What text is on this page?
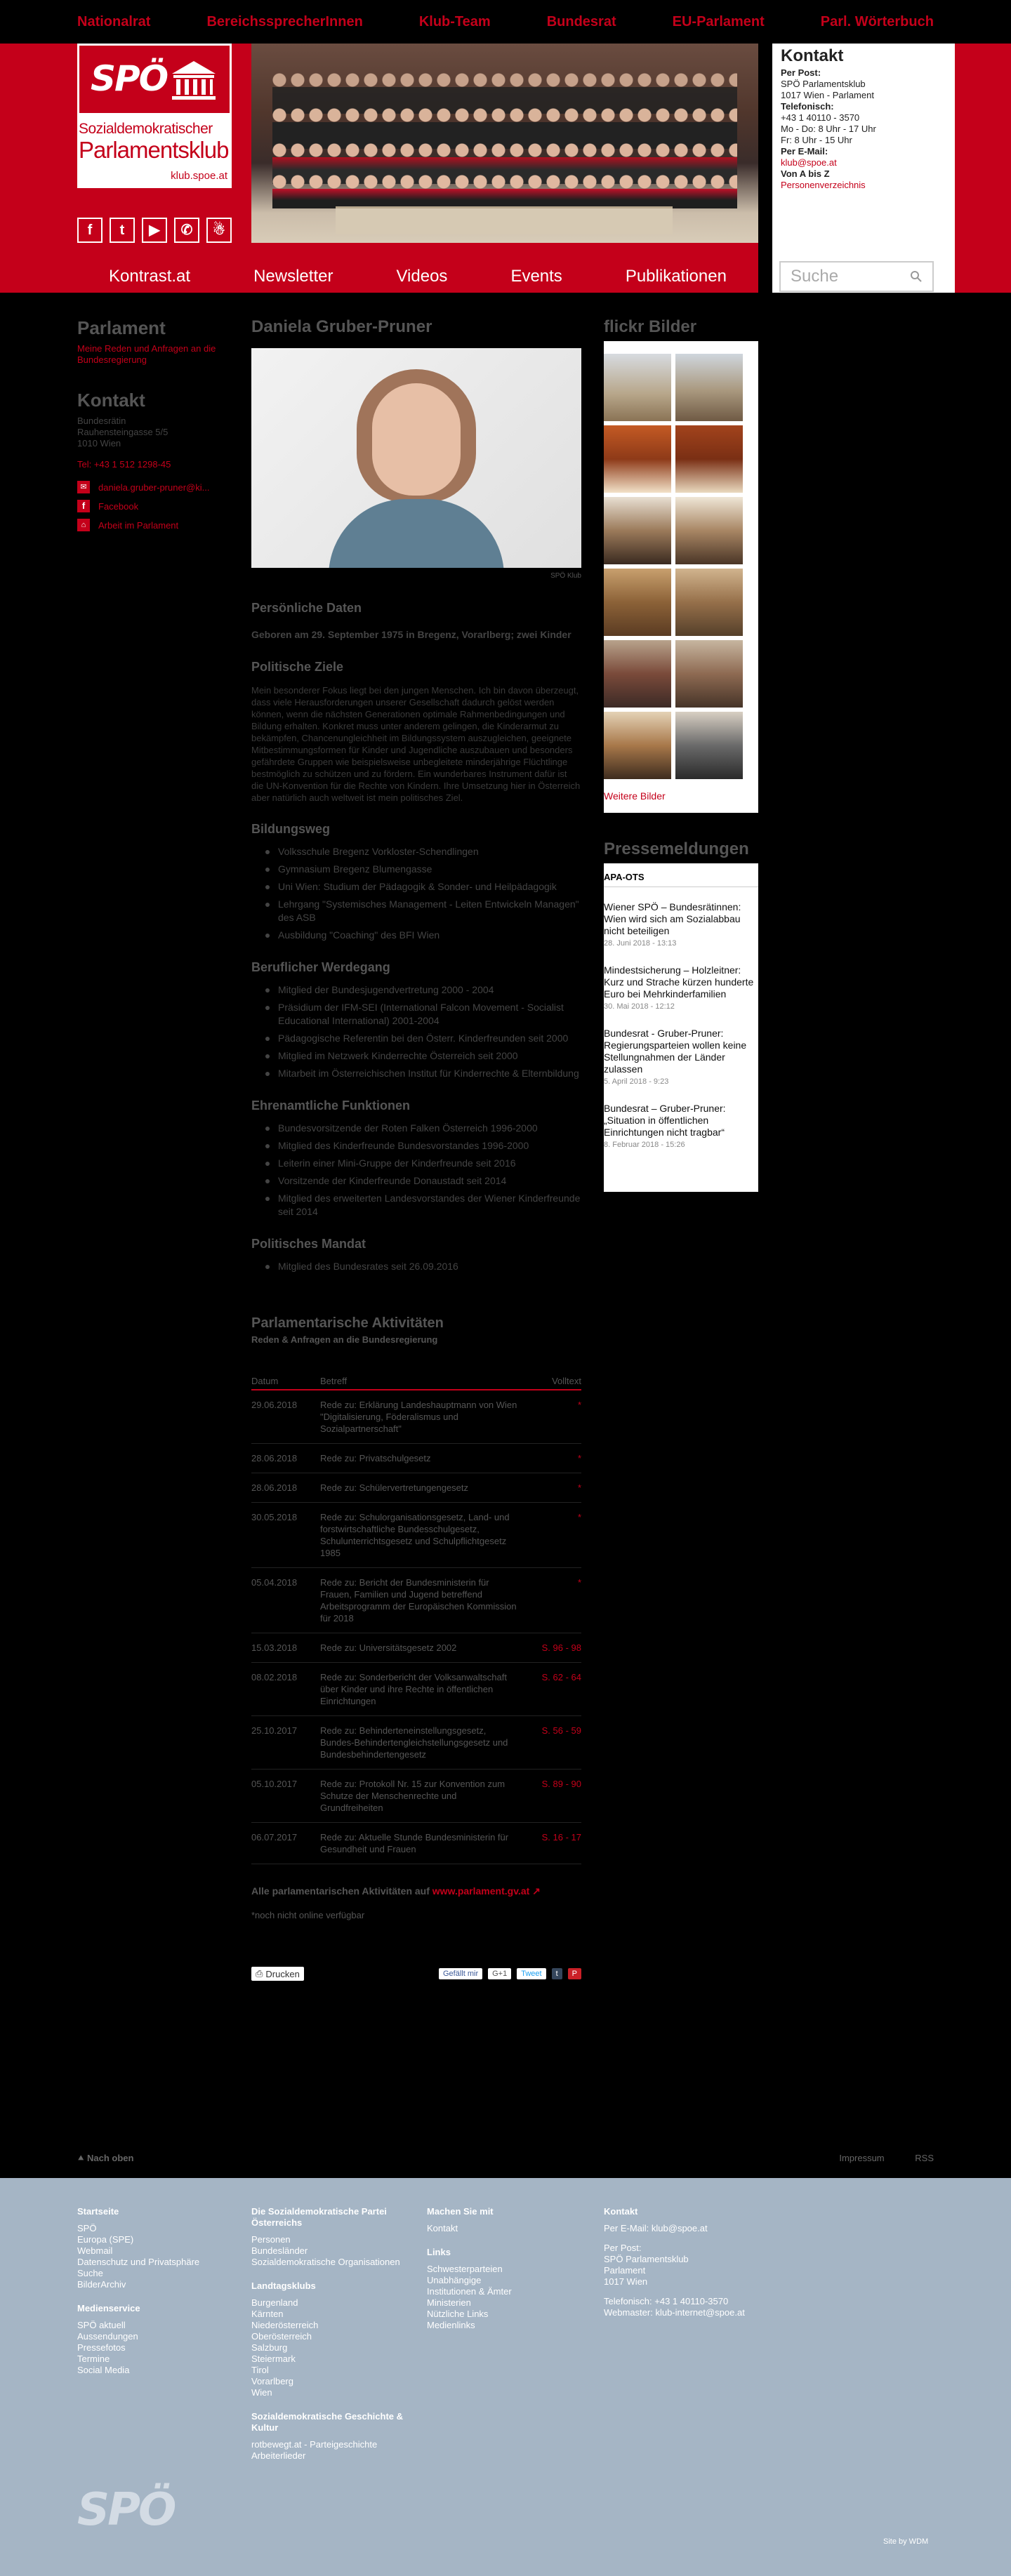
Nationalrat	BereichssprecherInnen	Klub-Team	Bundesrat	EU-Parlament	Parl. Wörterbuch
SPÖ
Sozialdemokratischer
Parlamentsklub
klub.spoe.at
f	t	▶	✆	☃
Kontrast.at	Newsletter	Videos	Events	Publikationen
Kontakt
Per Post:
SPÖ Parlamentsklub
1017 Wien - Parlament
Telefonisch:
+43 1 40110 - 3570
Mo - Do: 8 Uhr - 17 Uhr
Fr: 8 Uhr - 15 Uhr
Per E-Mail:
klub@spoe.at
Von A bis Z
Personenverzeichnis
Suche
Parlament
Meine Reden und Anfragen an die Bundesregierung
Kontakt
Bundesrätin
Rauhensteingasse 5/5
1010 Wien
Tel: +43 1 512 1298-45
✉	daniela.gruber-pruner@ki...
f	Facebook
⌂	Arbeit im Parlament
Daniela Gruber-Pruner
SPÖ Klub
Persönliche Daten
Geboren am 29. September 1975 in Bregenz, Vorarlberg; zwei Kinder
Politische Ziele
Mein besonderer Fokus liegt bei den jungen Menschen. Ich bin davon überzeugt, dass viele Herausforderungen unserer Gesellschaft dadurch gelöst werden können, wenn die nächsten Generationen optimale Rahmenbedingungen und Bildung erhalten. Konkret muss unter anderem gelingen, die Kinderarmut zu bekämpfen, Chancenungleichheit im Bildungssystem auszugleichen, geeignete Mitbestimmungsformen für Kinder und Jugendliche auszubauen und besonders gefährdete Gruppen wie beispielsweise unbegleitete minderjährige Flüchtlinge bestmöglich zu schützen und zu fördern. Ein wunderbares Instrument dafür ist die UN-Konvention für die Rechte von Kindern. Ihre Umsetzung hier in Österreich aber natürlich auch weltweit ist mein politisches Ziel.
Bildungsweg
Volksschule Bregenz Vorkloster-Schendlingen
Gymnasium Bregenz Blumengasse
Uni Wien: Studium der Pädagogik & Sonder- und Heilpädagogik
Lehrgang "Systemisches Management - Leiten Entwickeln Managen" des ASB
Ausbildung "Coaching" des BFI Wien
Beruflicher Werdegang
Mitglied der Bundesjugendvertretung 2000 - 2004
Präsidium der IFM-SEI (International Falcon Movement - Socialist Educational International) 2001-2004
Pädagogische Referentin bei den Österr. Kinderfreunden seit 2000
Mitglied im Netzwerk Kinderrechte Österreich seit 2000
Mitarbeit im Österreichischen Institut für Kinderrechte & Elternbildung
Ehrenamtliche Funktionen
Bundesvorsitzende der Roten Falken Österreich 1996-2000
Mitglied des Kinderfreunde Bundesvorstandes 1996-2000
Leiterin einer Mini-Gruppe der Kinderfreunde seit 2016
Vorsitzende der Kinderfreunde Donaustadt seit 2014
Mitglied des erweiterten Landesvorstandes der Wiener Kinderfreunde seit 2014
Politisches Mandat
Mitglied des Bundesrates seit 26.09.2016
Parlamentarische Aktivitäten
Reden & Anfragen an die Bundesregierung
Datum	Betreff	Volltext
29.06.2018	Rede zu: Erklärung Landeshauptmann von Wien "Digitalisierung, Föderalismus und Sozialpartnerschaft"	*
28.06.2018	Rede zu: Privatschulgesetz	*
28.06.2018	Rede zu: Schülervertretungengesetz	*
30.05.2018	Rede zu: Schulorganisationsgesetz, Land- und forstwirtschaftliche Bundesschulgesetz, Schulunterrichtsgesetz und Schulpflichtgesetz 1985	*
05.04.2018	Rede zu: Bericht der Bundesministerin für Frauen, Familien und Jugend betreffend Arbeitsprogramm der Europäischen Kommission für 2018	*
15.03.2018	Rede zu: Universitätsgesetz 2002	S. 96 - 98
08.02.2018	Rede zu: Sonderbericht der Volksanwaltschaft über Kinder und ihre Rechte in öffentlichen Einrichtungen	S. 62 - 64
25.10.2017	Rede zu: Behinderteneinstellungsgesetz, Bundes-Behindertengleichstellungsgesetz und Bundesbehindertengesetz	S. 56 - 59
05.10.2017	Rede zu: Protokoll Nr. 15 zur Konvention zum Schutze der Menschenrechte und Grundfreiheiten	S. 89 - 90
06.07.2017	Rede zu: Aktuelle Stunde Bundesministerin für Gesundheit und Frauen	S. 16 - 17
Alle parlamentarischen Aktivitäten auf www.parlament.gv.at ↗
*noch nicht online verfügbar
⎙ Drucken	Gefällt mir	G+1	Tweet	t	P
flickr Bilder
Weitere Bilder
Pressemeldungen
APA-OTS
Wiener SPÖ – Bundesrätinnen: Wien wird sich am Sozialabbau nicht beteiligen
28. Juni 2018 - 13:13
Mindestsicherung – Holzleitner: Kurz und Strache kürzen hunderte Euro bei Mehrkinderfamilien
30. Mai 2018 - 12:12
Bundesrat - Gruber-Pruner: Regierungsparteien wollen keine Stellungnahmen der Länder zulassen
5. April 2018 - 9:23
Bundesrat – Gruber-Pruner: „Situation in öffentlichen Einrichtungen nicht tragbar“
8. Februar 2018 - 15:26
⯅ Nach oben	Impressum	RSS
Startseite

SPÖ

Europa (SPE)

Webmail

Datenschutz und Privatsphäre

Suche

BilderArchiv

Medienservice

SPÖ aktuell

Aussendungen

Pressefotos

Termine

Social Media

Die Sozialdemokratische Partei Österreichs

Personen

Bundesländer

Sozialdemokratische Organisationen

Landtagsklubs

Burgenland

Kärnten

Niederösterreich

Oberösterreich

Salzburg

Steiermark

Tirol

Vorarlberg

Wien

Sozialdemokratische Geschichte & Kultur

rotbewegt.at - Parteigeschichte

Arbeiterlieder

Machen Sie mit

Kontakt

Links

Schwesterparteien

Unabhängige

Institutionen & Ämter

Ministerien

Nützliche Links

Medienlinks

Kontakt

Per E-Mail: klub@spoe.at

Per Post:

SPÖ Parlamentsklub

Parlament

1017 Wien

Telefonisch: +43 1 40110-3570

Webmaster: klub-internet@spoe.at

SPÖ
Site by WDM
